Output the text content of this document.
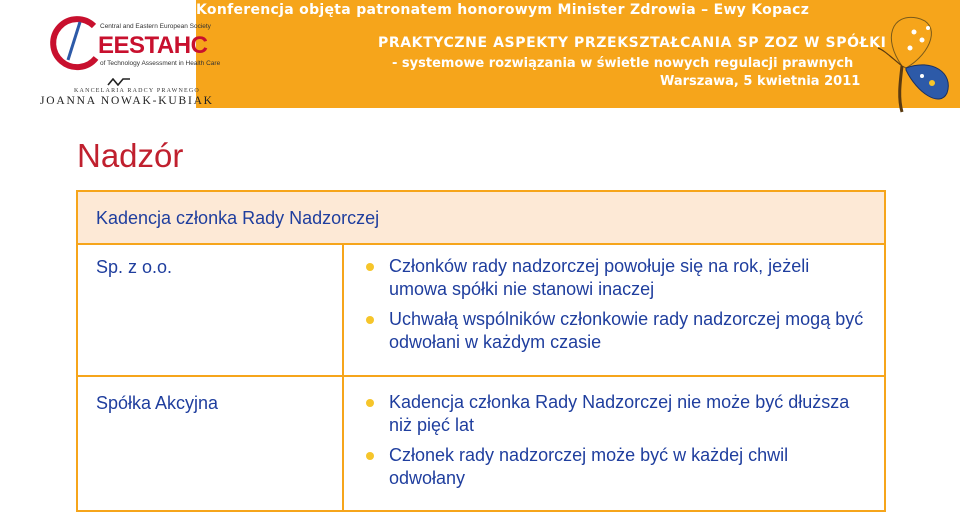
Konferencja objęta patronatem honorowym Minister Zdrowia – Ewy Kopacz
PRAKTYCZNE ASPEKTY PRZEKSZTAŁCANIA SP ZOZ W SPÓŁKI
- systemowe rozwiązania w świetle nowych regulacji prawnych
Warszawa, 5 kwietnia 2011
Central and Eastern European Society
EESTAHC
of Technology Assessment in Health Care
KANCELARIA RADCY PRAWNEGO
JOANNA NOWAK-KUBIAK
Nadzór
Kadencja członka Rady Nadzorczej
Sp. z o.o.	Członków rady nadzorczej powołuje się na rok, jeżeli umowa spółki nie stanowi inaczej
Uchwałą wspólników członkowie rady nadzorczej mogą być odwołani w każdym czasie
Spółka Akcyjna	Kadencja członka Rady Nadzorczej nie może być dłuższa niż pięć lat
Członek rady nadzorczej może być w każdej chwil odwołany
